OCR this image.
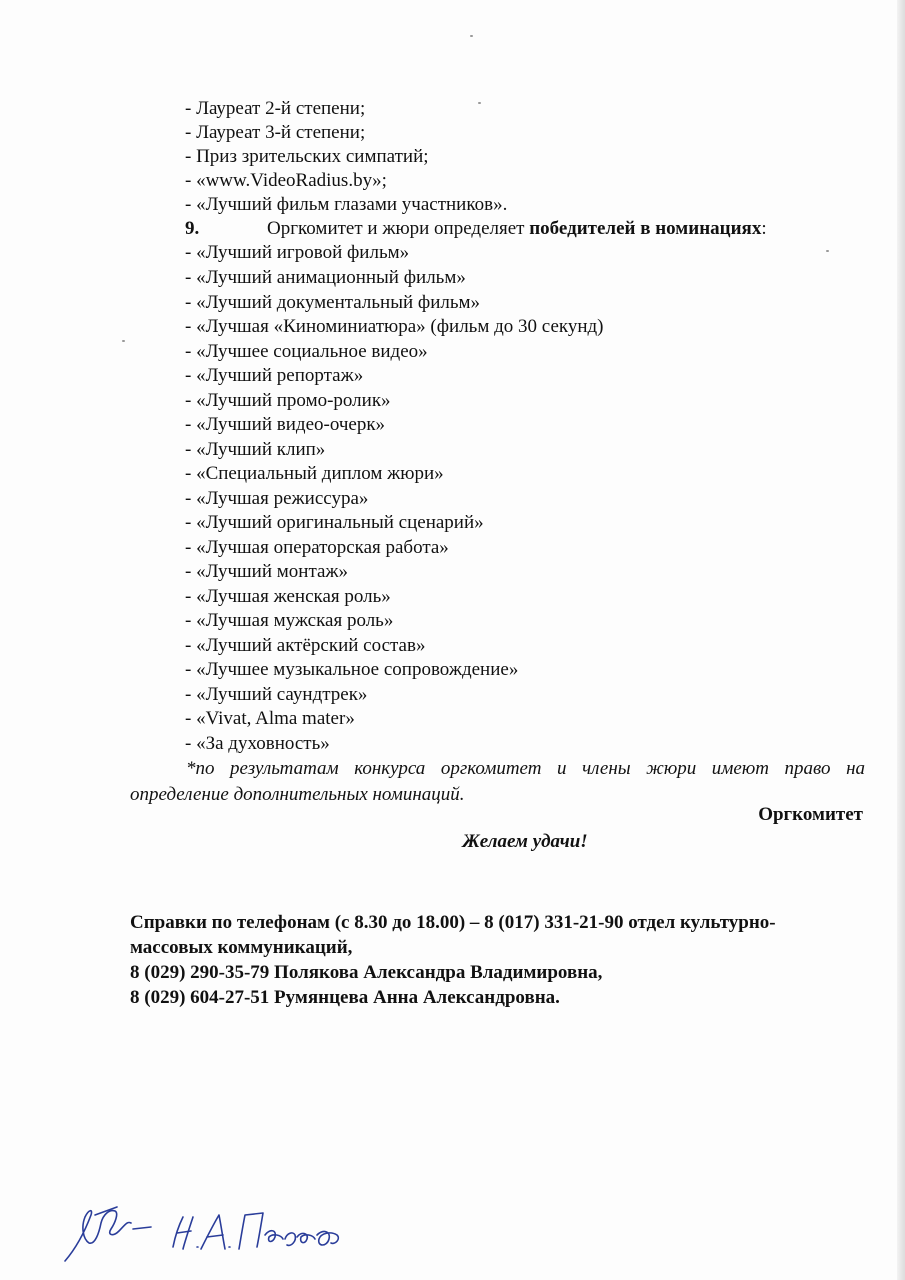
- Лауреат 2-й степени;
- Лауреат 3-й степени;
- Приз зрительских симпатий;
- «www.VideoRadius.by»;
- «Лучший фильм глазами участников».
9.	Оргкомитет и жюри определяет победителей в номинациях:
- «Лучший игровой фильм»
- «Лучший анимационный фильм»
- «Лучший документальный фильм»
- «Лучшая «Киноминиатюра» (фильм до 30 секунд)
- «Лучшее социальное видео»
- «Лучший репортаж»
- «Лучший промо-ролик»
- «Лучший видео-очерк»
- «Лучший клип»
- «Специальный диплом жюри»
- «Лучшая режиссура»
- «Лучший оригинальный сценарий»
- «Лучшая операторская работа»
- «Лучший монтаж»
- «Лучшая женская роль»
- «Лучшая мужская роль»
- «Лучший актёрский состав»
- «Лучшее музыкальное сопровождение»
- «Лучший саундтрек»
- «Vivat, Alma mater»
- «За духовность»
*по результатам конкурса оргкомитет и члены жюри имеют право на определение дополнительных номинаций.
Оргкомитет
Желаем удачи!
Справки по телефонам (с 8.30 до 18.00) – 8 (017) 331-21-90 отдел культурно-
массовых коммуникаций,
8 (029) 290-35-79 Полякова Александра Владимировна,
8 (029) 604-27-51 Румянцева Анна Александровна.
